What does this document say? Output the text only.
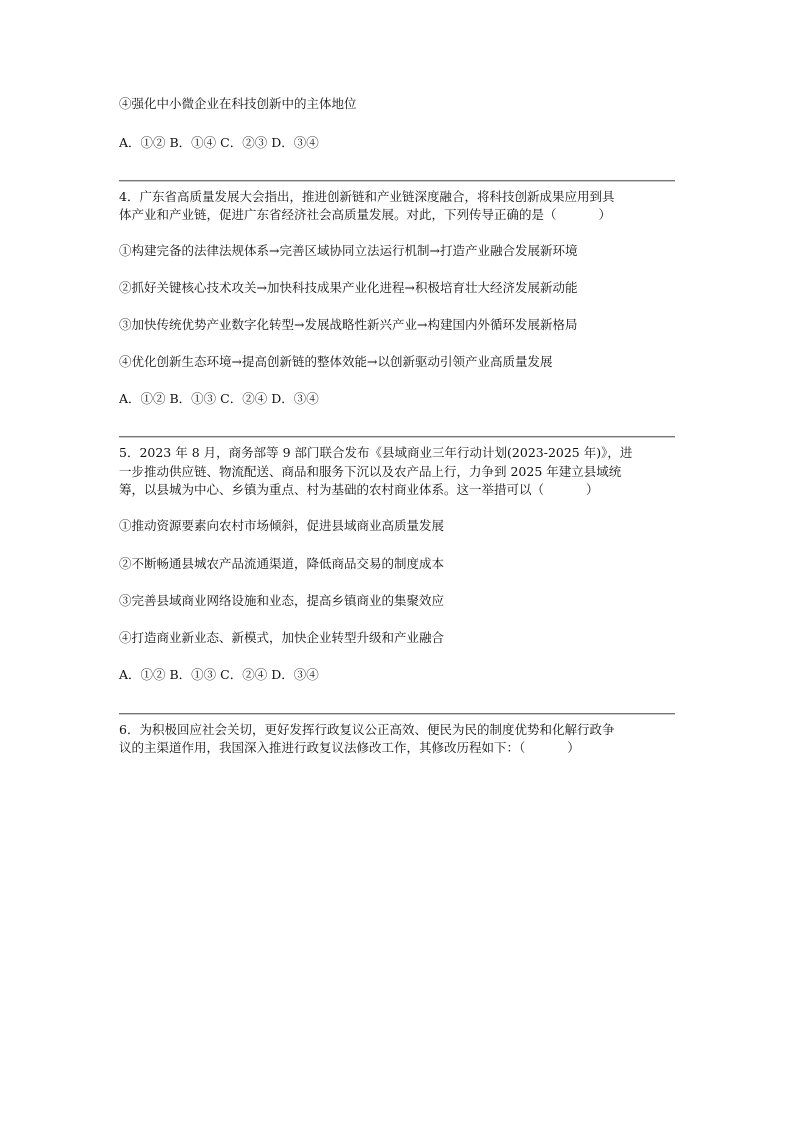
④强化中小微企业在科技创新中的主体地位
A．①② B．①④ C．②③ D．③④
4．广东省高质量发展大会指出，推进创新链和产业链深度融合，将科技创新成果应用到具
体产业和产业链，促进广东省经济社会高质量发展。对此，下列传导正确的是（	）
①构建完备的法律法规体系→完善区域协同立法运行机制→打造产业融合发展新环境
②抓好关键核心技术攻关→加快科技成果产业化进程→积极培育壮大经济发展新动能
③加快传统优势产业数字化转型→发展战略性新兴产业→构建国内外循环发展新格局
④优化创新生态环境→提高创新链的整体效能→以创新驱动引领产业高质量发展
A．①② B．①③ C．②④ D．③④
5．2023 年 8 月，商务部等 9 部门联合发布《县域商业三年行动计划(2023-2025 年)》，进
一步推动供应链、物流配送、商品和服务下沉以及农产品上行，力争到 2025 年建立县域统
筹，以县城为中心、乡镇为重点、村为基础的农村商业体系。这一举措可以（	）
①推动资源要素向农村市场倾斜，促进县域商业高质量发展
②不断畅通县城农产品流通渠道，降低商品交易的制度成本
③完善县域商业网络设施和业态，提高乡镇商业的集聚效应
④打造商业新业态、新模式，加快企业转型升级和产业融合
A．①② B．①③ C．②④ D．③④
6．为积极回应社会关切，更好发挥行政复议公正高效、便民为民的制度优势和化解行政争
议的主渠道作用，我国深入推进行政复议法修改工作，其修改历程如下：（	）
